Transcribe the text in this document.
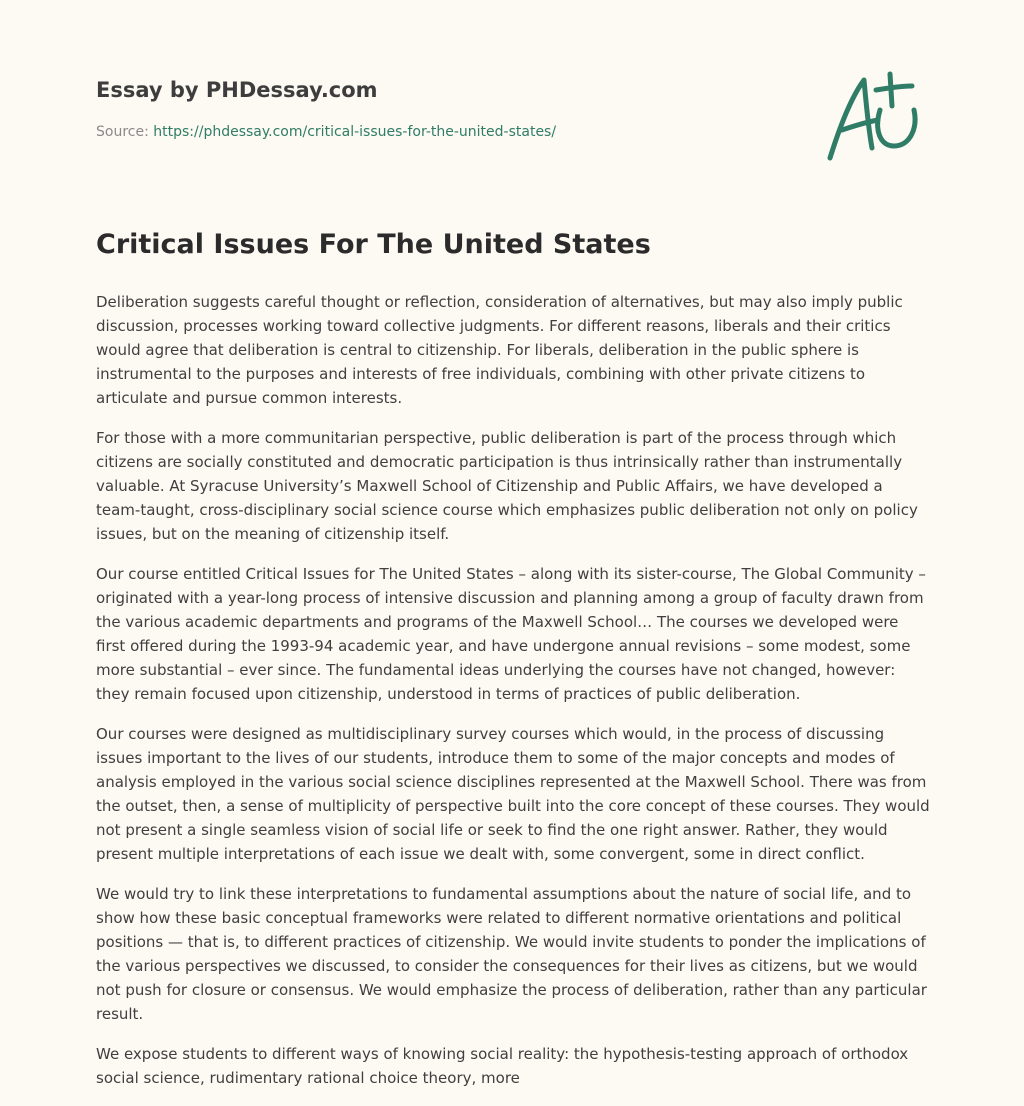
Essay by PHDessay.com
Source: https://phdessay.com/critical-issues-for-the-united-states/
Critical Issues For The United States

Deliberation suggests careful thought or reflection, consideration of alternatives, but may also imply public discussion, processes working toward collective judgments. For different reasons, liberals and their critics would agree that deliberation is central to citizenship. For liberals, deliberation in the public sphere is instrumental to the purposes and interests of free individuals, combining with other private citizens to articulate and pursue common interests.

For those with a more communitarian perspective, public deliberation is part of the process through which citizens are socially constituted and democratic participation is thus intrinsically rather than instrumentally valuable. At Syracuse University’s Maxwell School of Citizenship and Public Affairs, we have developed a team-taught, cross-disciplinary social science course which emphasizes public deliberation not only on policy issues, but on the meaning of citizenship itself.

Our course entitled Critical Issues for The United States – along with its sister-course, The Global Community – originated with a year-long process of intensive discussion and planning among a group of faculty drawn from the various academic departments and programs of the Maxwell School… The courses we developed were first offered during the 1993-94 academic year, and have undergone annual revisions – some modest, some more substantial – ever since. The fundamental ideas underlying the courses have not changed, however: they remain focused upon citizenship, understood in terms of practices of public deliberation.

Our courses were designed as multidisciplinary survey courses which would, in the process of discussing issues important to the lives of our students, introduce them to some of the major concepts and modes of analysis employed in the various social science disciplines represented at the Maxwell School. There was from the outset, then, a sense of multiplicity of perspective built into the core concept of these courses. They would not present a single seamless vision of social life or seek to find the one right answer. Rather, they would present multiple interpretations of each issue we dealt with, some convergent, some in direct conflict.

We would try to link these interpretations to fundamental assumptions about the nature of social life, and to show how these basic conceptual frameworks were related to different normative orientations and political positions — that is, to different practices of citizenship. We would invite students to ponder the implications of the various perspectives we discussed, to consider the consequences for their lives as citizens, but we would not push for closure or consensus. We would emphasize the process of deliberation, rather than any particular result.

We expose students to different ways of knowing social reality: the hypothesis-testing approach of orthodox social science, rudimentary rational choice theory, more
